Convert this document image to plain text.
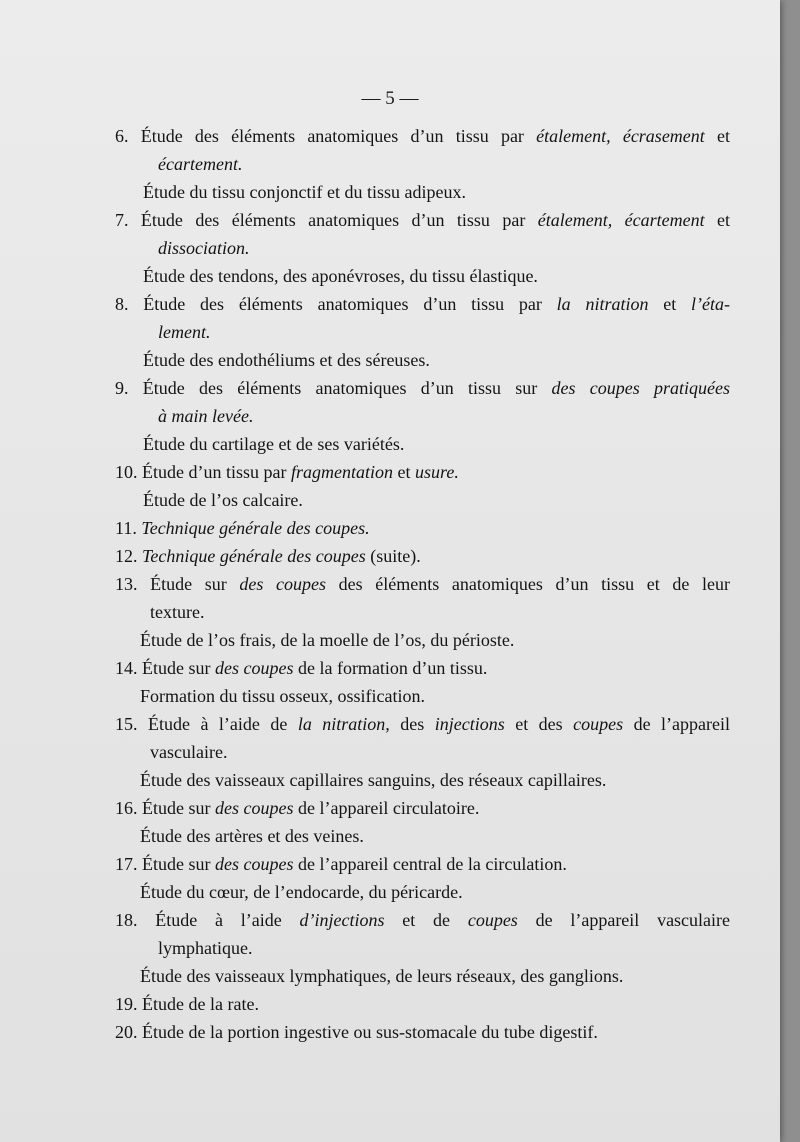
— 5 —
6. Étude des éléments anatomiques d’un tissu par étalement, écrasement et
écartement.
Étude du tissu conjonctif et du tissu adipeux.
7. Étude des éléments anatomiques d’un tissu par étalement, écartement et
dissociation.
Étude des tendons, des aponévroses, du tissu élastique.
8. Étude des éléments anatomiques d’un tissu par la nitration et l’éta-
lement.
Étude des endothéliums et des séreuses.
9. Étude des éléments anatomiques d’un tissu sur des coupes pratiquées
à main levée.
Étude du cartilage et de ses variétés.
10. Étude d’un tissu par fragmentation et usure.
Étude de l’os calcaire.
11. Technique générale des coupes.
12. Technique générale des coupes (suite).
13. Étude sur des coupes des éléments anatomiques d’un tissu et de leur
texture.
Étude de l’os frais, de la moelle de l’os, du périoste.
14. Étude sur des coupes de la formation d’un tissu.
Formation du tissu osseux, ossification.
15. Étude à l’aide de la nitration, des injections et des coupes de l’appareil
vasculaire.
Étude des vaisseaux capillaires sanguins, des réseaux capillaires.
16. Étude sur des coupes de l’appareil circulatoire.
Étude des artères et des veines.
17. Étude sur des coupes de l’appareil central de la circulation.
Étude du cœur, de l’endocarde, du péricarde.
18. Étude à l’aide d’injections et de coupes de l’appareil vasculaire
lymphatique.
Étude des vaisseaux lymphatiques, de leurs réseaux, des ganglions.
19. Étude de la rate.
20. Étude de la portion ingestive ou sus-stomacale du tube digestif.
